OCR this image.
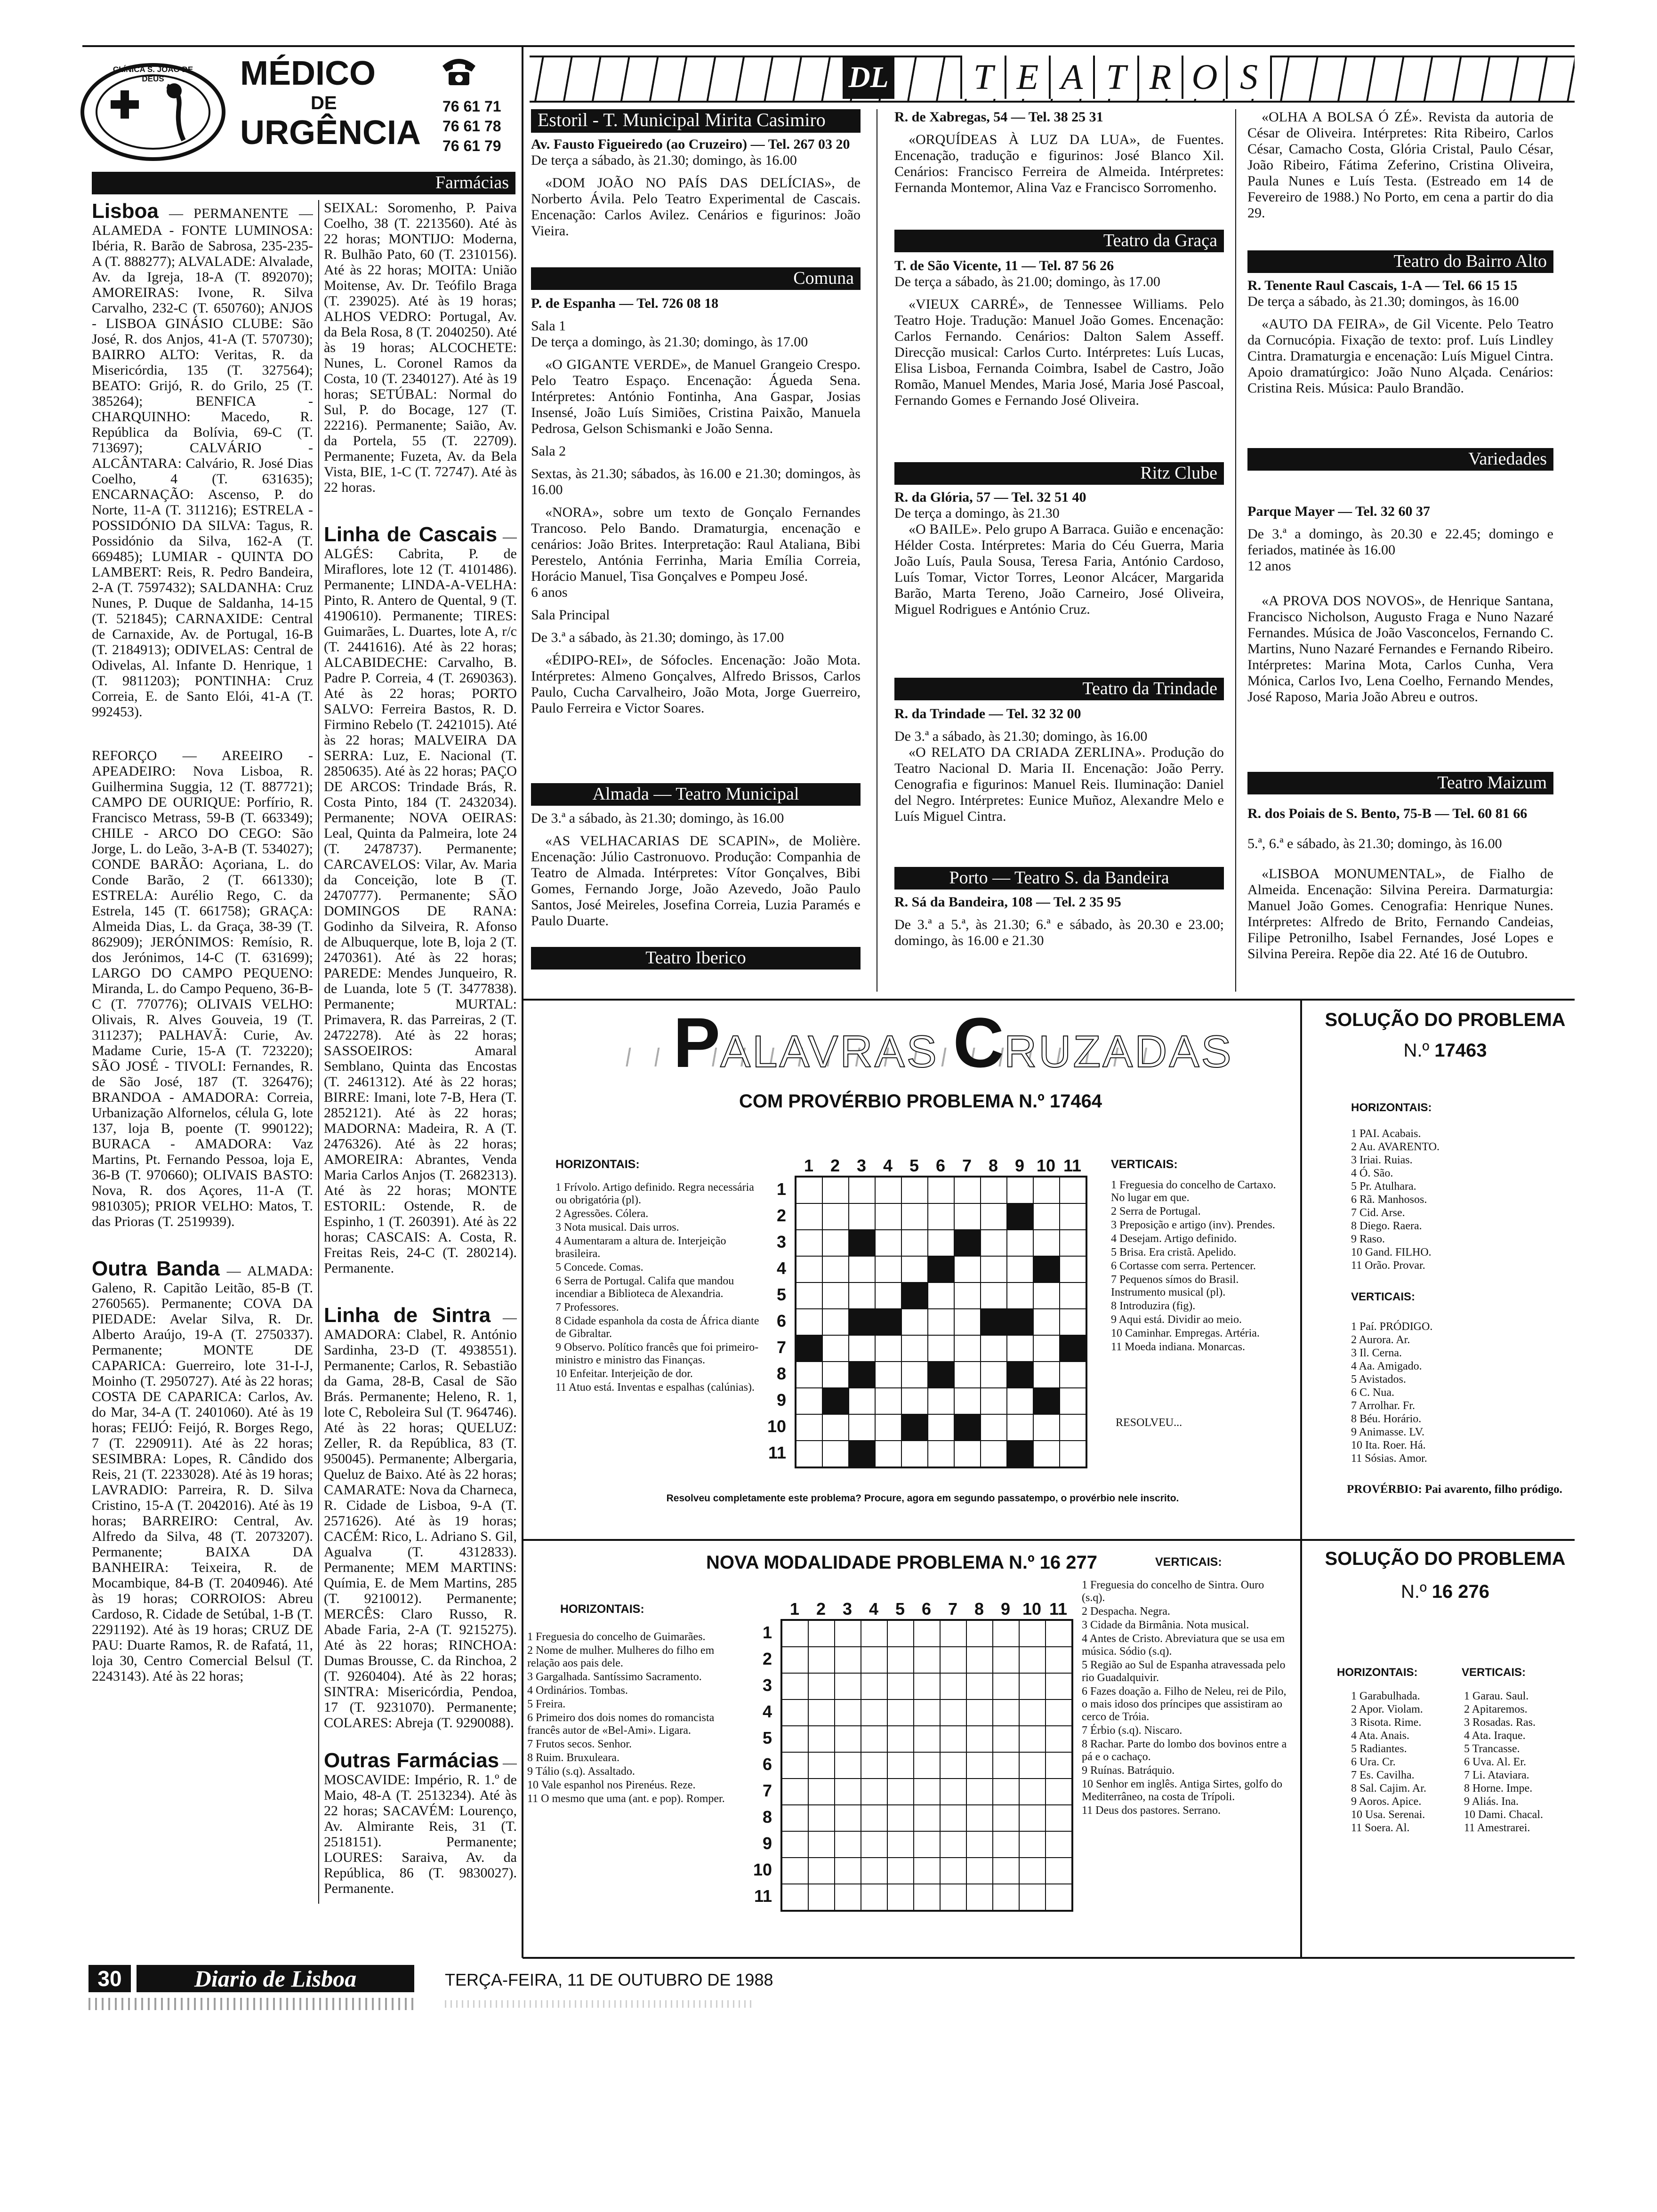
CLÍNICA S. JOÃO DE DEUS	MÉDICO
DE
URGÊNCIA
76 61 71
76 61 78
76 61 79
Farmácias

Lisboa — PERMANENTE — ALAMEDA - FONTE LUMINOSA: Ibéria, R. Barão de Sabrosa, 235-235-A (T. 888277); ALVALADE: Alvalade, Av. da Igreja, 18-A (T. 892070); AMOREIRAS: Ivone, R. Silva Carvalho, 232-C (T. 650760); ANJOS - LISBOA GINÁSIO CLUBE: São José, R. dos Anjos, 41-A (T. 570730); BAIRRO ALTO: Veritas, R. da Misericórdia, 135 (T. 327564); BEATO: Grijó, R. do Grilo, 25 (T. 385264); BENFICA - CHARQUINHO: Macedo, R. República da Bolívia, 69-C (T. 713697); CALVÁRIO - ALCÂNTARA: Calvário, R. José Dias Coelho, 4 (T. 631635); ENCARNAÇÃO: Ascenso, P. do Norte, 11-A (T. 311216); ESTRELA - POSSIDÓNIO DA SILVA: Tagus, R. Possidónio da Silva, 162-A (T. 669485); LUMIAR - QUINTA DO LAMBERT: Reis, R. Pedro Bandeira, 2-A (T. 7597432); SALDANHA: Cruz Nunes, P. Duque de Saldanha, 14-15 (T. 521845); CARNAXIDE: Central de Carnaxide, Av. de Portugal, 16-B (T. 2184913); ODIVELAS: Central de Odivelas, Al. Infante D. Henrique, 1 (T. 9811203); PONTINHA: Cruz Correia, E. de Santo Elói, 41-A (T. 992453).

REFORÇO — AREEIRO - APEADEIRO: Nova Lisboa, R. Guilhermina Suggia, 12 (T. 887721); CAMPO DE OURIQUE: Porfírio, R. Francisco Metrass, 59-B (T. 663349); CHILE - ARCO DO CEGO: São Jorge, L. do Leão, 3-A-B (T. 534027); CONDE BARÃO: Açoriana, L. do Conde Barão, 2 (T. 661330); ESTRELA: Aurélio Rego, C. da Estrela, 145 (T. 661758); GRAÇA: Almeida Dias, L. da Graça, 38-39 (T. 862909); JERÓNIMOS: Remísio, R. dos Jerónimos, 14-C (T. 631699); LARGO DO CAMPO PEQUENO: Miranda, L. do Campo Pequeno, 36-B-C (T. 770776); OLIVAIS VELHO: Olivais, R. Alves Gouveia, 19 (T. 311237); PALHAVÃ: Curie, Av. Madame Curie, 15-A (T. 723220); SÃO JOSÉ - TIVOLI: Fernandes, R. de São José, 187 (T. 326476); BRANDOA - AMADORA: Correia, Urbanização Alfornelos, célula G, lote 137, loja B, poente (T. 990122); BURACA - AMADORA: Vaz Martins, Pt. Fernando Pessoa, loja E, 36-B (T. 970660); OLIVAIS BASTO: Nova, R. dos Açores, 11-A (T. 9810305); PRIOR VELHO: Matos, T. das Prioras (T. 2519939).

Outra Banda — ALMADA: Galeno, R. Capitão Leitão, 85-B (T. 2760565). Permanente; COVA DA PIEDADE: Avelar Silva, R. Dr. Alberto Araújo, 19-A (T. 2750337). Permanente; MONTE DE CAPARICA: Guerreiro, lote 31-I-J, Moinho (T. 2950727). Até às 22 horas; COSTA DE CAPARICA: Carlos, Av. do Mar, 34-A (T. 2401060). Até às 19 horas; FEIJÓ: Feijó, R. Borges Rego, 7 (T. 2290911). Até às 22 horas; SESIMBRA: Lopes, R. Cândido dos Reis, 21 (T. 2233028). Até às 19 horas; LAVRADIO: Parreira, R. D. Silva Cristino, 15-A (T. 2042016). Até às 19 horas; BARREIRO: Central, Av. Alfredo da Silva, 48 (T. 2073207). Permanente; BAIXA DA BANHEIRA: Teixeira, R. de Mocambique, 84-B (T. 2040946). Até às 19 horas; CORROIOS: Abreu Cardoso, R. Cidade de Setúbal, 1-B (T. 2291192). Até às 19 horas; CRUZ DE PAU: Duarte Ramos, R. de Rafatá, 11, loja 30, Centro Comercial Belsul (T. 2243143). Até às 22 horas;

SEIXAL: Soromenho, P. Paiva Coelho, 38 (T. 2213560). Até às 22 horas; MONTIJO: Moderna, R. Bulhão Pato, 60 (T. 2310156). Até às 22 horas; MOITA: União Moitense, Av. Dr. Teófilo Braga (T. 239025). Até às 19 horas; ALHOS VEDRO: Portugal, Av. da Bela Rosa, 8 (T. 2040250). Até às 19 horas; ALCOCHETE: Nunes, L. Coronel Ramos da Costa, 10 (T. 2340127). Até às 19 horas; SETÚBAL: Normal do Sul, P. do Bocage, 127 (T. 22216). Permanente; Saião, Av. da Portela, 55 (T. 22709). Permanente; Fuzeta, Av. da Bela Vista, BIE, 1-C (T. 72747). Até às 22 horas.

Linha de Cascais — ALGÉS: Cabrita, P. de Miraflores, lote 12 (T. 4101486). Permanente; LINDA-A-VELHA: Pinto, R. Antero de Quental, 9 (T. 4190610). Permanente; TIRES: Guimarães, L. Duartes, lote A, r/c (T. 2441616). Até às 22 horas; ALCABIDECHE: Carvalho, B. Padre P. Correia, 4 (T. 2690363). Até às 22 horas; PORTO SALVO: Ferreira Bastos, R. D. Firmino Rebelo (T. 2421015). Até às 22 horas; MALVEIRA DA SERRA: Luz, E. Nacional (T. 2850635). Até às 22 horas; PAÇO DE ARCOS: Trindade Brás, R. Costa Pinto, 184 (T. 2432034). Permanente; NOVA OEIRAS: Leal, Quinta da Palmeira, lote 24 (T. 2478737). Permanente; CARCAVELOS: Vilar, Av. Maria da Conceição, lote B (T. 2470777). Permanente; SÃO DOMINGOS DE RANA: Godinho da Silveira, R. Afonso de Albuquerque, lote B, loja 2 (T. 2470361). Até às 22 horas; PAREDE: Mendes Junqueiro, R. de Luanda, lote 5 (T. 3477838). Permanente; MURTAL: Primavera, R. das Parreiras, 2 (T. 2472278). Até às 22 horas; SASSOEIROS: Amaral Semblano, Quinta das Encostas (T. 2461312). Até às 22 horas; BIRRE: Imani, lote 7-B, Hera (T. 2852121). Até às 22 horas; MADORNA: Madeira, R. A (T. 2476326). Até às 22 horas; AMOREIRA: Abrantes, Venda Maria Carlos Anjos (T. 2682313). Até às 22 horas; MONTE ESTORIL: Ostende, R. de Espinho, 1 (T. 260391). Até às 22 horas; CASCAIS: A. Costa, R. Freitas Reis, 24-C (T. 280214). Permanente.

Linha de Sintra — AMADORA: Clabel, R. António Sardinha, 23-D (T. 4938551). Permanente; Carlos, R. Sebastião da Gama, 28-B, Casal de São Brás. Permanente; Heleno, R. 1, lote C, Reboleira Sul (T. 964746). Até às 22 horas; QUELUZ: Zeller, R. da República, 83 (T. 950045). Permanente; Albergaria, Queluz de Baixo. Até às 22 horas; CAMARATE: Nova da Charneca, R. Cidade de Lisboa, 9-A (T. 2571626). Até às 19 horas; CACÉM: Rico, L. Adriano S. Gil, Agualva (T. 4312833). Permanente; MEM MARTINS: Químia, E. de Mem Martins, 285 (T. 9210012). Permanente; MERCÊS: Claro Russo, R. Abade Faria, 2-A (T. 9215275). Até às 22 horas; RINCHOA: Dumas Brousse, C. da Rinchoa, 2 (T. 9260404). Até às 22 horas; SINTRA: Misericórdia, Pendoa, 17 (T. 9231070). Permanente; COLARES: Abreja (T. 9290088).

Outras Farmácias — MOSCAVIDE: Império, R. 1.º de Maio, 48-A (T. 2513234). Até às 22 horas; SACAVÉM: Lourenço, Av. Almirante Reis, 31 (T. 2518151). Permanente; LOURES: Saraiva, Av. da República, 86 (T. 9830027). Permanente.

DL	T E A T R O S
Estoril - T. Municipal Mirita Casimiro

Av. Fausto Figueiredo (ao Cruzeiro) — Tel. 267 03 20

De terça a sábado, às 21.30; domingo, às 16.00

«DOM JOÃO NO PAÍS DAS DELÍCIAS», de Norberto Ávila. Pelo Teatro Experimental de Cascais. Encenação: Carlos Avilez. Cenários e figurinos: João Vieira.

Comuna

P. de Espanha — Tel. 726 08 18

Sala 1

De terça a domingo, às 21.30; domingo, às 17.00

«O GIGANTE VERDE», de Manuel Grangeio Crespo. Pelo Teatro Espaço. Encenação: Águeda Sena. Intérpretes: António Fontinha, Ana Gaspar, Josias Insensé, João Luís Simiões, Cristina Paixão, Manuela Pedrosa, Gelson Schismanki e João Senna.

Sala 2

Sextas, às 21.30; sábados, às 16.00 e 21.30; domingos, às 16.00

«NORA», sobre um texto de Gonçalo Fernandes Trancoso. Pelo Bando. Dramaturgia, encenação e cenários: João Brites. Interpretação: Raul Ataliana, Bibi Perestelo, Antónia Ferrinha, Maria Emília Correia, Horácio Manuel, Tisa Gonçalves e Pompeu José.

6 anos

Sala Principal

De 3.ª a sábado, às 21.30; domingo, às 17.00

«ÉDIPO-REI», de Sófocles. Encenação: João Mota. Intérpretes: Almeno Gonçalves, Alfredo Brissos, Carlos Paulo, Cucha Carvalheiro, João Mota, Jorge Guerreiro, Paulo Ferreira e Victor Soares.

Almada — Teatro Municipal

De 3.ª a sábado, às 21.30; domingo, às 16.00

«AS VELHACARIAS DE SCAPIN», de Molière. Encenação: Júlio Castronuovo. Produção: Companhia de Teatro de Almada. Intérpretes: Vítor Gonçalves, Bibi Gomes, Fernando Jorge, João Azevedo, João Paulo Santos, José Meireles, Josefina Correia, Luzia Paramés e Paulo Duarte.

Teatro Iberico

R. de Xabregas, 54 — Tel. 38 25 31

«ORQUÍDEAS À LUZ DA LUA», de Fuentes. Encenação, tradução e figurinos: José Blanco Xil. Cenários: Francisco Ferreira de Almeida. Intérpretes: Fernanda Montemor, Alina Vaz e Francisco Sorromenho.

Teatro da Graça

T. de São Vicente, 11 — Tel. 87 56 26

De terça a sábado, às 21.00; domingo, às 17.00

«VIEUX CARRÉ», de Tennessee Williams. Pelo Teatro Hoje. Tradução: Manuel João Gomes. Encenação: Carlos Fernando. Cenários: Dalton Salem Asseff. Direcção musical: Carlos Curto. Intérpretes: Luís Lucas, Elisa Lisboa, Fernanda Coimbra, Isabel de Castro, João Romão, Manuel Mendes, Maria José, Maria José Pascoal, Fernando Gomes e Fernando José Oliveira.

Ritz Clube

R. da Glória, 57 — Tel. 32 51 40

De terça a domingo, às 21.30

«O BAILE». Pelo grupo A Barraca. Guião e encenação: Hélder Costa. Intérpretes: Maria do Céu Guerra, Maria João Luís, Paula Sousa, Teresa Faria, António Cardoso, Luís Tomar, Victor Torres, Leonor Alcácer, Margarida Barão, Marta Tereno, João Carneiro, José Oliveira, Miguel Rodrigues e António Cruz.

Teatro da Trindade

R. da Trindade — Tel. 32 32 00

De 3.ª a sábado, às 21.30; domingo, às 16.00

«O RELATO DA CRIADA ZERLINA». Produção do Teatro Nacional D. Maria II. Encenação: João Perry. Cenografia e figurinos: Manuel Reis. Iluminação: Daniel del Negro. Intérpretes: Eunice Muñoz, Alexandre Melo e Luís Miguel Cintra.

Porto — Teatro S. da Bandeira

R. Sá da Bandeira, 108 — Tel. 2 35 95

De 3.ª a 5.ª, às 21.30; 6.ª e sábado, às 20.30 e 23.00; domingo, às 16.00 e 21.30

«OLHA A BOLSA Ó ZÉ». Revista da autoria de César de Oliveira. Intérpretes: Rita Ribeiro, Carlos César, Camacho Costa, Glória Cristal, Paulo César, João Ribeiro, Fátima Zeferino, Cristina Oliveira, Paula Nunes e Luís Testa. (Estreado em 14 de Fevereiro de 1988.) No Porto, em cena a partir do dia 29.

Teatro do Bairro Alto

R. Tenente Raul Cascais, 1-A — Tel. 66 15 15

De terça a sábado, às 21.30; domingos, às 16.00

«AUTO DA FEIRA», de Gil Vicente. Pelo Teatro da Cornucópia. Fixação de texto: prof. Luís Lindley Cintra. Dramaturgia e encenação: Luís Miguel Cintra. Apoio dramatúrgico: João Nuno Alçada. Cenários: Cristina Reis. Música: Paulo Brandão.

Variedades

Parque Mayer — Tel. 32 60 37

De 3.ª a domingo, às 20.30 e 22.45; domingo e feriados, matinée às 16.00

12 anos

«A PROVA DOS NOVOS», de Henrique Santana, Francisco Nicholson, Augusto Fraga e Nuno Nazaré Fernandes. Música de João Vasconcelos, Fernando C. Martins, Nuno Nazaré Fernandes e Fernando Ribeiro. Intérpretes: Marina Mota, Carlos Cunha, Vera Mónica, Carlos Ivo, Lena Coelho, Fernando Mendes, José Raposo, Maria João Abreu e outros.

Teatro Maizum

R. dos Poiais de S. Bento, 75-B — Tel. 60 81 66

5.ª, 6.ª e sábado, às 21.30; domingo, às 16.00

«LISBOA MONUMENTAL», de Fialho de Almeida. Encenação: Silvina Pereira. Darmaturgia: Manuel João Gomes. Cenografia: Henrique Nunes. Intérpretes: Alfredo de Brito, Fernando Candeias, Filipe Petronilho, Isabel Fernandes, José Lopes e Silvina Pereira. Repõe dia 22. Até 16 de Outubro.

PALAVRAS CRUZADAS
COM PROVÉRBIO PROBLEMA N.º 17464
HORIZONTAIS:
1 Frívolo. Artigo definido. Regra necessária ou obrigatória (pl).
2 Agressões. Cólera.
3 Nota musical. Dais urros.
4 Aumentaram a altura de. Interjeição brasileira.
5 Concede. Comas.
6 Serra de Portugal. Califa que mandou incendiar a Biblioteca de Alexandria.
7 Professores.
8 Cidade espanhola da costa de África diante de Gibraltar.
9 Observo. Político francês que foi primeiro-ministro e ministro das Finanças.
10 Enfeitar. Interjeição de dor.
11 Atuo está. Inventas e espalhas (calúnias).
1 2 3 4 5 6 7 8 9 10 11
1
2
3
4
5
6
7
8
9
10
11
VERTICAIS:
1 Freguesia do concelho de Cartaxo. No lugar em que.
2 Serra de Portugal.
3 Preposição e artigo (inv). Prendes.
4 Desejam. Artigo definido.
5 Brisa. Era cristã. Apelido.
6 Cortasse com serra. Pertencer.
7 Pequenos símos do Brasil. Instrumento musical (pl).
8 Introduzira (fig).
9 Aqui está. Dividir ao meio.
10 Caminhar. Empregas. Artéria.
11 Moeda indiana. Monarcas.
RESOLVEU...
Resolveu completamente este problema? Procure, agora em segundo passatempo, o provérbio nele inscrito.
SOLUÇÃO DO PROBLEMA
N.º 17463
HORIZONTAIS:
1 PAI. Acabais.
2 Au. AVARENTO.
3 Iriai. Ruias.
4 Ó. São.
5 Pr. Atulhara.
6 Rã. Manhosos.
7 Cid. Arse.
8 Diego. Raera.
9 Raso.
10 Gand. FILHO.
11 Orão. Provar.
VERTICAIS:
1 Paí. PRÓDIGO.
2 Aurora. Ar.
3 Il. Cerna.
4 Aa. Amigado.
5 Avistados.
6 C. Nua.
7 Arrolhar. Fr.
8 Béu. Horário.
9 Animasse. LV.
10 Ita. Roer. Há.
11 Sósias. Amor.
PROVÉRBIO: Pai avarento, filho pródigo.
NOVA MODALIDADE PROBLEMA N.º 16 277	VERTICAIS:
HORIZONTAIS:
1 Freguesia do concelho de Guimarães.
2 Nome de mulher. Mulheres do filho em relação aos pais dele.
3 Gargalhada. Santíssimo Sacramento.
4 Ordinários. Tombas.
5 Freira.
6 Primeiro dos dois nomes do romancista francês autor de «Bel-Ami». Ligara.
7 Frutos secos. Senhor.
8 Ruim. Bruxuleara.
9 Tálio (s.q). Assaltado.
10 Vale espanhol nos Pirenéus. Reze.
11 O mesmo que uma (ant. e pop). Romper.
1 2 3 4 5 6 7 8 9 10 11
1
2
3
4
5
6
7
8
9
10
11
1 Freguesia do concelho de Sintra. Ouro (s.q).
2 Despacha. Negra.
3 Cidade da Birmânia. Nota musical.
4 Antes de Cristo. Abreviatura que se usa em música. Sódio (s.q).
5 Região ao Sul de Espanha atravessada pelo rio Guadalquivir.
6 Fazes doação a. Filho de Neleu, rei de Pilo, o mais idoso dos príncipes que assistiram ao cerco de Tróia.
7 Érbio (s.q). Niscaro.
8 Rachar. Parte do lombo dos bovinos entre a pá e o cachaço.
9 Ruínas. Batráquio.
10 Senhor em inglês. Antiga Sirtes, golfo do Mediterrâneo, na costa de Trípoli.
11 Deus dos pastores. Serrano.
SOLUÇÃO DO PROBLEMA
N.º 16 276
HORIZONTAIS:
1 Garabulhada.
2 Apor. Violam.
3 Risota. Rime.
4 Ata. Anais.
5 Radiantes.
6 Ura. Cr.
7 Es. Cavilha.
8 Sal. Cajim. Ar.
9 Aoros. Apice.
10 Usa. Serenai.
11 Soera. Al.
VERTICAIS:
1 Garau. Saul.
2 Apitaremos.
3 Rosadas. Ras.
4 Ata. Iraque.
5 Trancasse.
6 Uva. Al. Er.
7 Li. Ataviara.
8 Horne. Impe.
9 Aliás. Ina.
10 Dami. Chacal.
11 Amestrarei.
30	Diario de Lisboa	TERÇA-FEIRA, 11 DE OUTUBRO DE 1988
